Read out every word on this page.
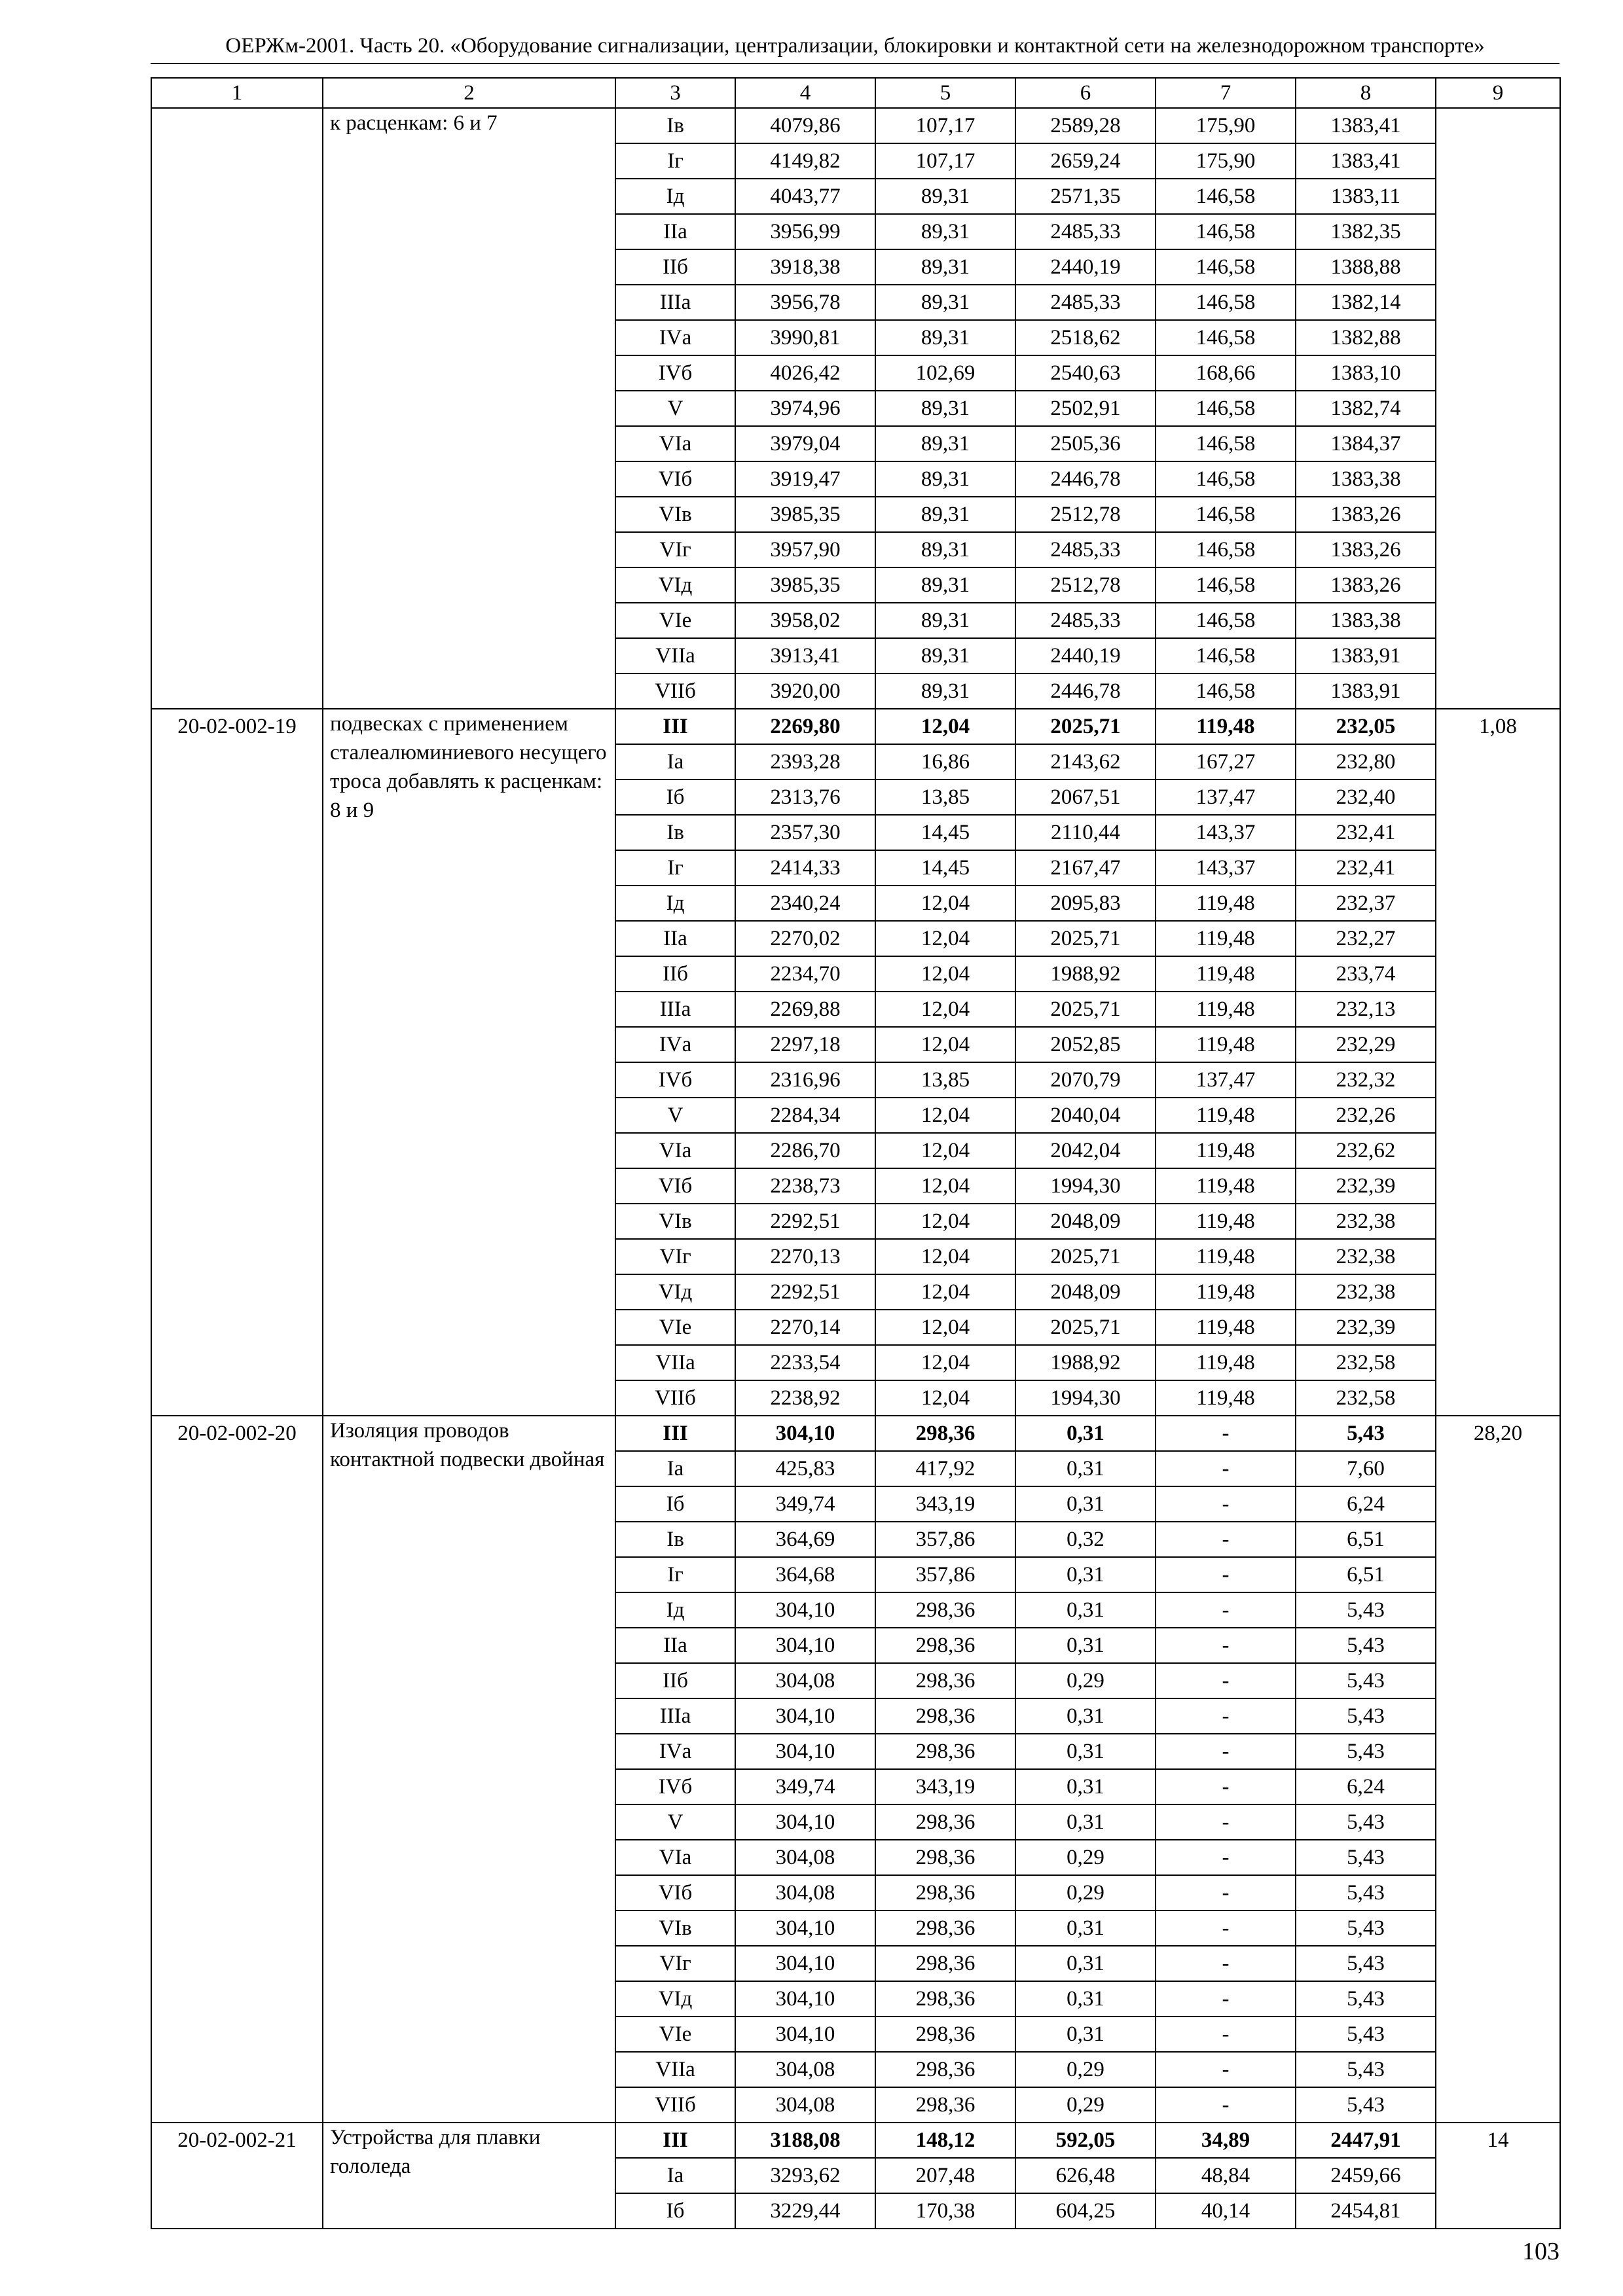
ОЕРЖм-2001. Часть 20. «Оборудование сигнализации, централизации, блокировки и контактной сети на железнодорожном транспорте»
1	2	3	4	5	6	7	8	9
	к расценкам: 6 и 7	Iв	4079,86	107,17	2589,28	175,90	1383,41	
		Iг	4149,82	107,17	2659,24	175,90	1383,41	
		Iд	4043,77	89,31	2571,35	146,58	1383,11	
		IIа	3956,99	89,31	2485,33	146,58	1382,35	
		IIб	3918,38	89,31	2440,19	146,58	1388,88	
		IIIа	3956,78	89,31	2485,33	146,58	1382,14	
		IVа	3990,81	89,31	2518,62	146,58	1382,88	
		IVб	4026,42	102,69	2540,63	168,66	1383,10	
		V	3974,96	89,31	2502,91	146,58	1382,74	
		VIа	3979,04	89,31	2505,36	146,58	1384,37	
		VIб	3919,47	89,31	2446,78	146,58	1383,38	
		VIв	3985,35	89,31	2512,78	146,58	1383,26	
		VIг	3957,90	89,31	2485,33	146,58	1383,26	
		VIд	3985,35	89,31	2512,78	146,58	1383,26	
		VIе	3958,02	89,31	2485,33	146,58	1383,38	
		VIIа	3913,41	89,31	2440,19	146,58	1383,91	
		VIIб	3920,00	89,31	2446,78	146,58	1383,91	
20-02-002-19	подвесках с применением сталеалюминиевого несущего троса добавлять к расценкам: 8 и 9	III	2269,80	12,04	2025,71	119,48	232,05	1,08
		Iа	2393,28	16,86	2143,62	167,27	232,80	
		Iб	2313,76	13,85	2067,51	137,47	232,40	
		Iв	2357,30	14,45	2110,44	143,37	232,41	
		Iг	2414,33	14,45	2167,47	143,37	232,41	
		Iд	2340,24	12,04	2095,83	119,48	232,37	
		IIа	2270,02	12,04	2025,71	119,48	232,27	
		IIб	2234,70	12,04	1988,92	119,48	233,74	
		IIIа	2269,88	12,04	2025,71	119,48	232,13	
		IVа	2297,18	12,04	2052,85	119,48	232,29	
		IVб	2316,96	13,85	2070,79	137,47	232,32	
		V	2284,34	12,04	2040,04	119,48	232,26	
		VIа	2286,70	12,04	2042,04	119,48	232,62	
		VIб	2238,73	12,04	1994,30	119,48	232,39	
		VIв	2292,51	12,04	2048,09	119,48	232,38	
		VIг	2270,13	12,04	2025,71	119,48	232,38	
		VIд	2292,51	12,04	2048,09	119,48	232,38	
		VIе	2270,14	12,04	2025,71	119,48	232,39	
		VIIа	2233,54	12,04	1988,92	119,48	232,58	
		VIIб	2238,92	12,04	1994,30	119,48	232,58	
20-02-002-20	Изоляция проводов контактной подвески двойная	III	304,10	298,36	0,31	-	5,43	28,20
		Iа	425,83	417,92	0,31	-	7,60	
		Iб	349,74	343,19	0,31	-	6,24	
		Iв	364,69	357,86	0,32	-	6,51	
		Iг	364,68	357,86	0,31	-	6,51	
		Iд	304,10	298,36	0,31	-	5,43	
		IIа	304,10	298,36	0,31	-	5,43	
		IIб	304,08	298,36	0,29	-	5,43	
		IIIа	304,10	298,36	0,31	-	5,43	
		IVа	304,10	298,36	0,31	-	5,43	
		IVб	349,74	343,19	0,31	-	6,24	
		V	304,10	298,36	0,31	-	5,43	
		VIа	304,08	298,36	0,29	-	5,43	
		VIб	304,08	298,36	0,29	-	5,43	
		VIв	304,10	298,36	0,31	-	5,43	
		VIг	304,10	298,36	0,31	-	5,43	
		VIд	304,10	298,36	0,31	-	5,43	
		VIе	304,10	298,36	0,31	-	5,43	
		VIIа	304,08	298,36	0,29	-	5,43	
		VIIб	304,08	298,36	0,29	-	5,43	
20-02-002-21	Устройства для плавки гололеда	III	3188,08	148,12	592,05	34,89	2447,91	14
		Iа	3293,62	207,48	626,48	48,84	2459,66	
		Iб	3229,44	170,38	604,25	40,14	2454,81	
103
